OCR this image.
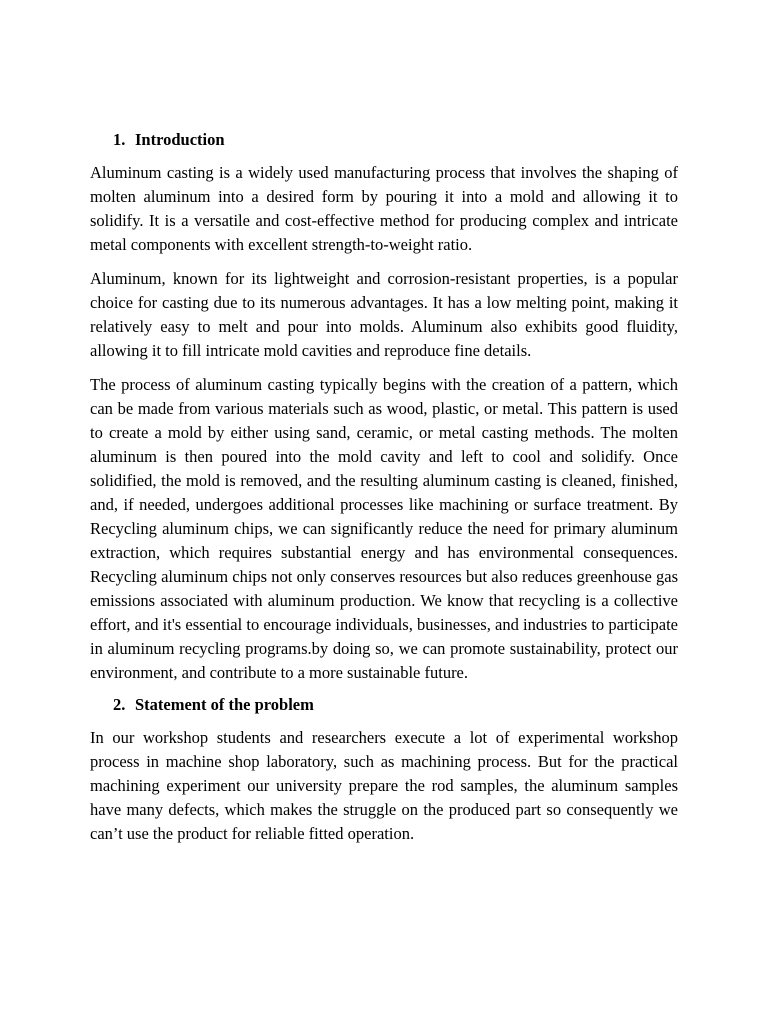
1. Introduction

Aluminum casting is a widely used manufacturing process that involves the shaping of molten aluminum into a desired form by pouring it into a mold and allowing it to solidify. It is a versatile and cost-effective method for producing complex and intricate metal components with excellent strength-to-weight ratio.

Aluminum, known for its lightweight and corrosion-resistant properties, is a popular choice for casting due to its numerous advantages. It has a low melting point, making it relatively easy to melt and pour into molds. Aluminum also exhibits good fluidity, allowing it to fill intricate mold cavities and reproduce fine details.

The process of aluminum casting typically begins with the creation of a pattern, which can be made from various materials such as wood, plastic, or metal. This pattern is used to create a mold by either using sand, ceramic, or metal casting methods. The molten aluminum is then poured into the mold cavity and left to cool and solidify. Once solidified, the mold is removed, and the resulting aluminum casting is cleaned, finished, and, if needed, undergoes additional processes like machining or surface treatment. By Recycling aluminum chips, we can significantly reduce the need for primary aluminum extraction, which requires substantial energy and has environmental consequences. Recycling aluminum chips not only conserves resources but also reduces greenhouse gas emissions associated with aluminum production. We know that recycling is a collective effort, and it's essential to encourage individuals, businesses, and industries to participate in aluminum recycling programs.by doing so, we can promote sustainability, protect our environment, and contribute to a more sustainable future.

2. Statement of the problem

In our workshop students and researchers execute a lot of experimental workshop process in machine shop laboratory, such as machining process. But for the practical machining experiment our university prepare the rod samples, the aluminum samples have many defects, which makes the struggle on the produced part so consequently we can’t use the product for reliable fitted operation.
